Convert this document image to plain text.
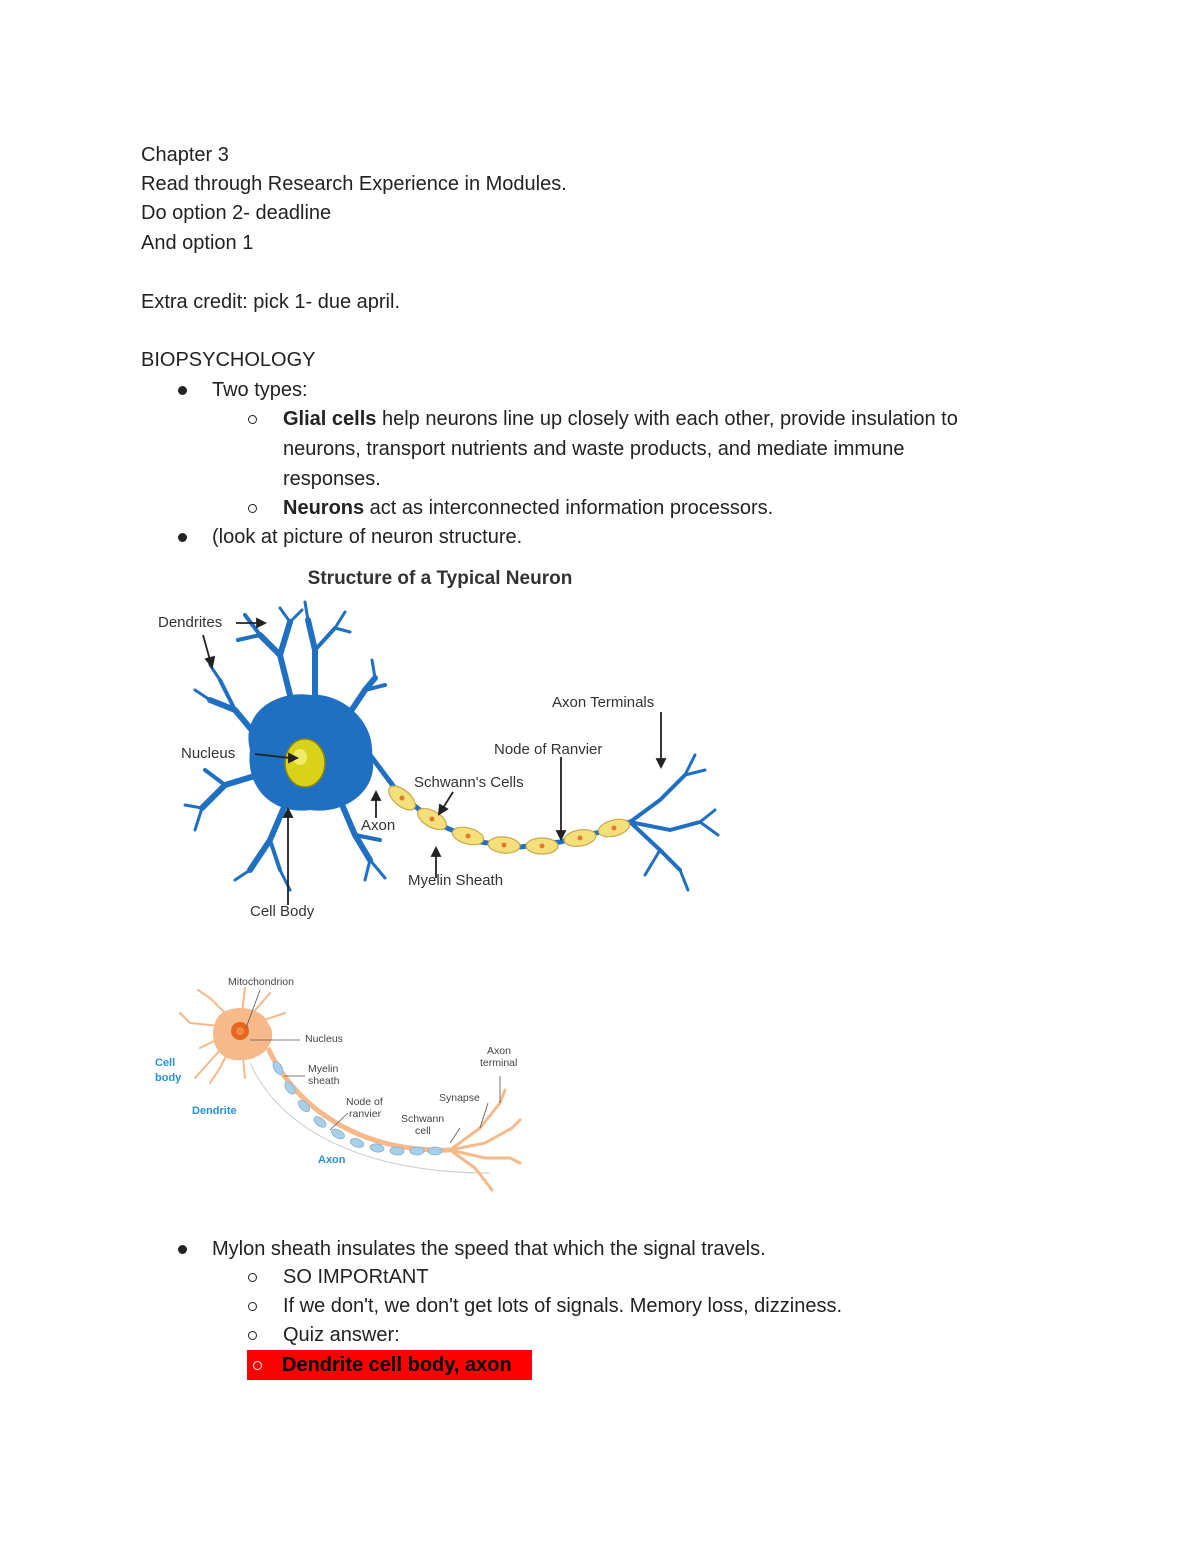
Chapter 3
Read through Research Experience in Modules.
Do option 2- deadline
And option 1
Extra credit: pick 1- due april.
BIOPSYCHOLOGY
Two types:
Glial cells help neurons line up closely with each other, provide insulation to
neurons, transport nutrients and waste products, and mediate immune
responses.
Neurons act as interconnected information processors.
(look at picture of neuron structure.
Structure of a Typical Neuron
Dendrites
Nucleus
Axon
Cell Body
Schwann's Cells
Node of Ranvier
Axon Terminals
Myelin Sheath
Mitochondrion
Nucleus
Myelin
sheath
Node of
ranvier Schwann
cell
Synapse
Axon
terminal
Cell
body
Dendrite
Axon
Mylon sheath insulates the speed that which the signal travels.
SO IMPORtANT
If we don't, we don't get lots of signals. Memory loss, dizziness.
Quiz answer:
Dendrite cell body, axon
